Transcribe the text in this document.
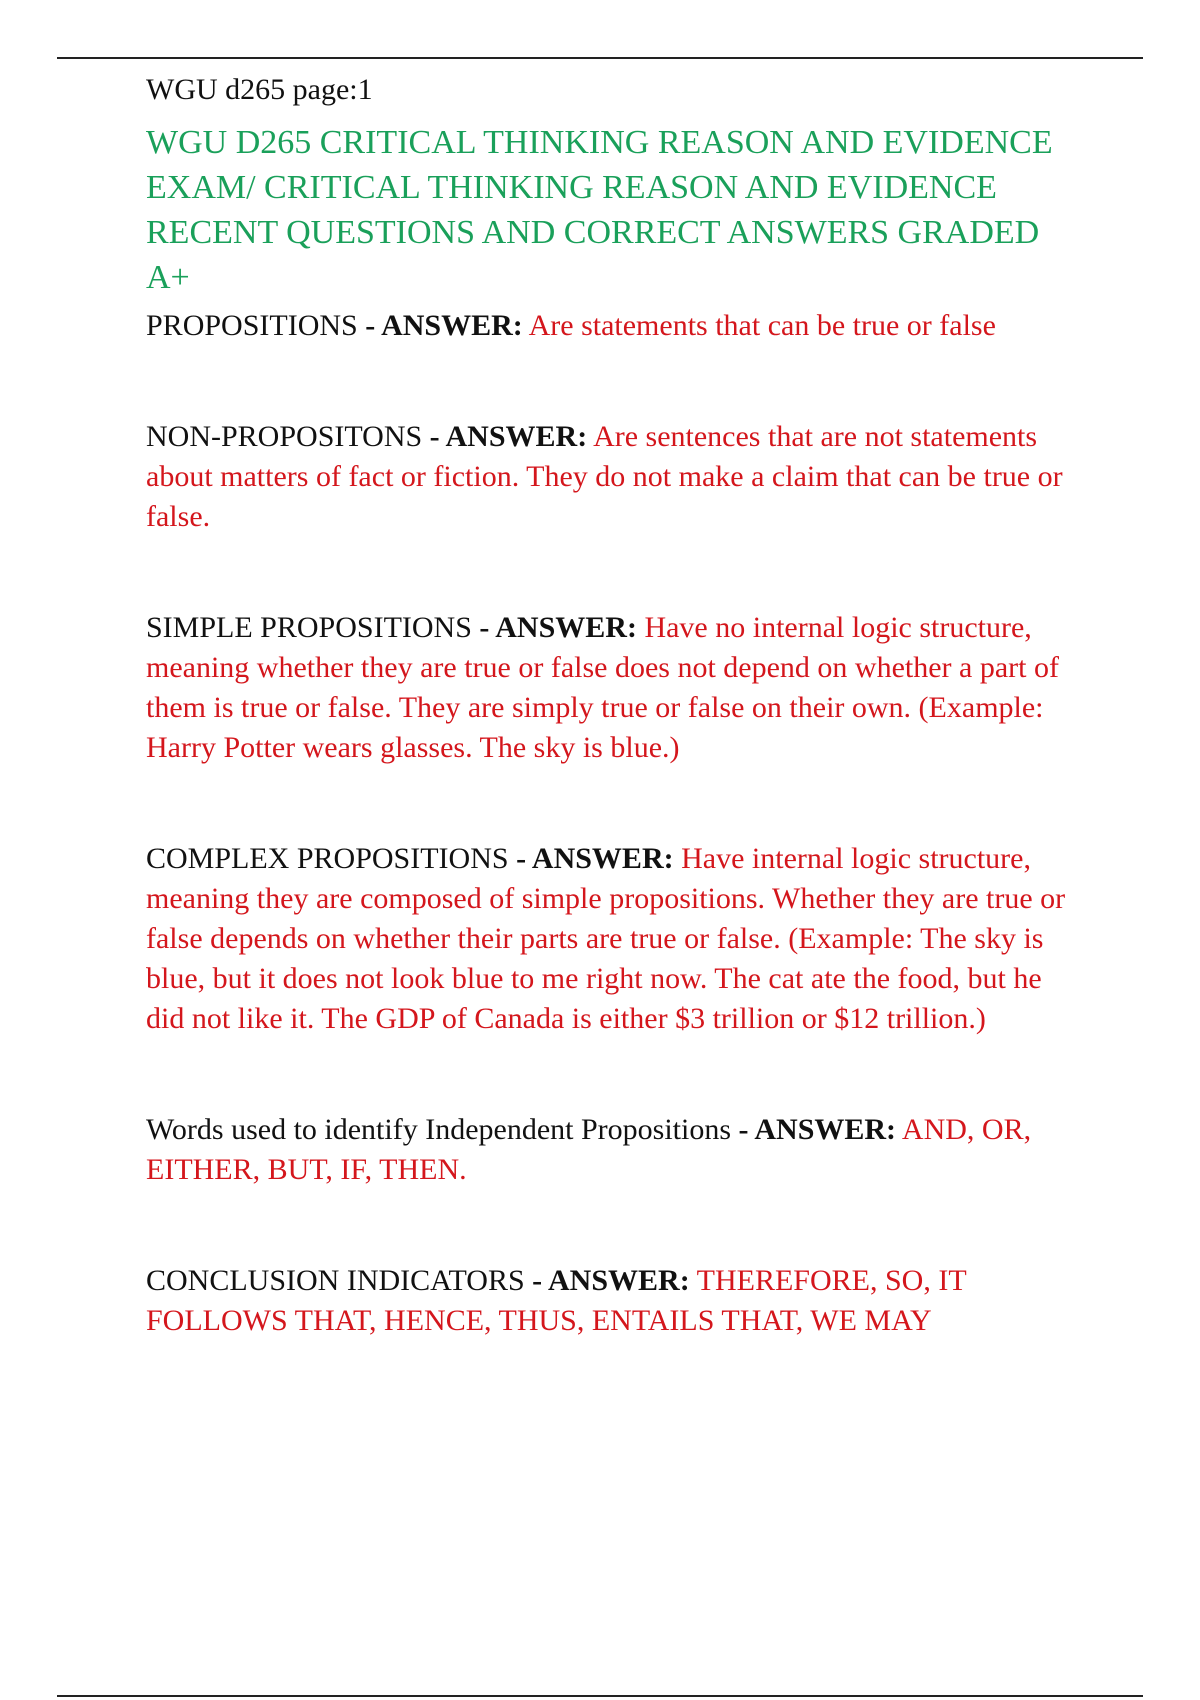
WGU d265 page:1
WGU D265 CRITICAL THINKING REASON AND EVIDENCE EXAM/ CRITICAL THINKING REASON AND EVIDENCE RECENT QUESTIONS AND CORRECT ANSWERS GRADED A+

PROPOSITIONS - ANSWER: Are statements that can be true or false

NON-PROPOSITONS - ANSWER: Are sentences that are not statements about matters of fact or fiction. They do not make a claim that can be true or false.

SIMPLE PROPOSITIONS - ANSWER: Have no internal logic structure, meaning whether they are true or false does not depend on whether a part of them is true or false. They are simply true or false on their own. (Example: Harry Potter wears glasses. The sky is blue.)

COMPLEX PROPOSITIONS - ANSWER: Have internal logic structure, meaning they are composed of simple propositions. Whether they are true or false depends on whether their parts are true or false. (Example: The sky is blue, but it does not look blue to me right now. The cat ate the food, but he did not like it. The GDP of Canada is either $3 trillion or $12 trillion.)

Words used to identify Independent Propositions - ANSWER: AND, OR, EITHER, BUT, IF, THEN.

CONCLUSION INDICATORS - ANSWER: THEREFORE, SO, IT FOLLOWS THAT, HENCE, THUS, ENTAILS THAT, WE MAY
